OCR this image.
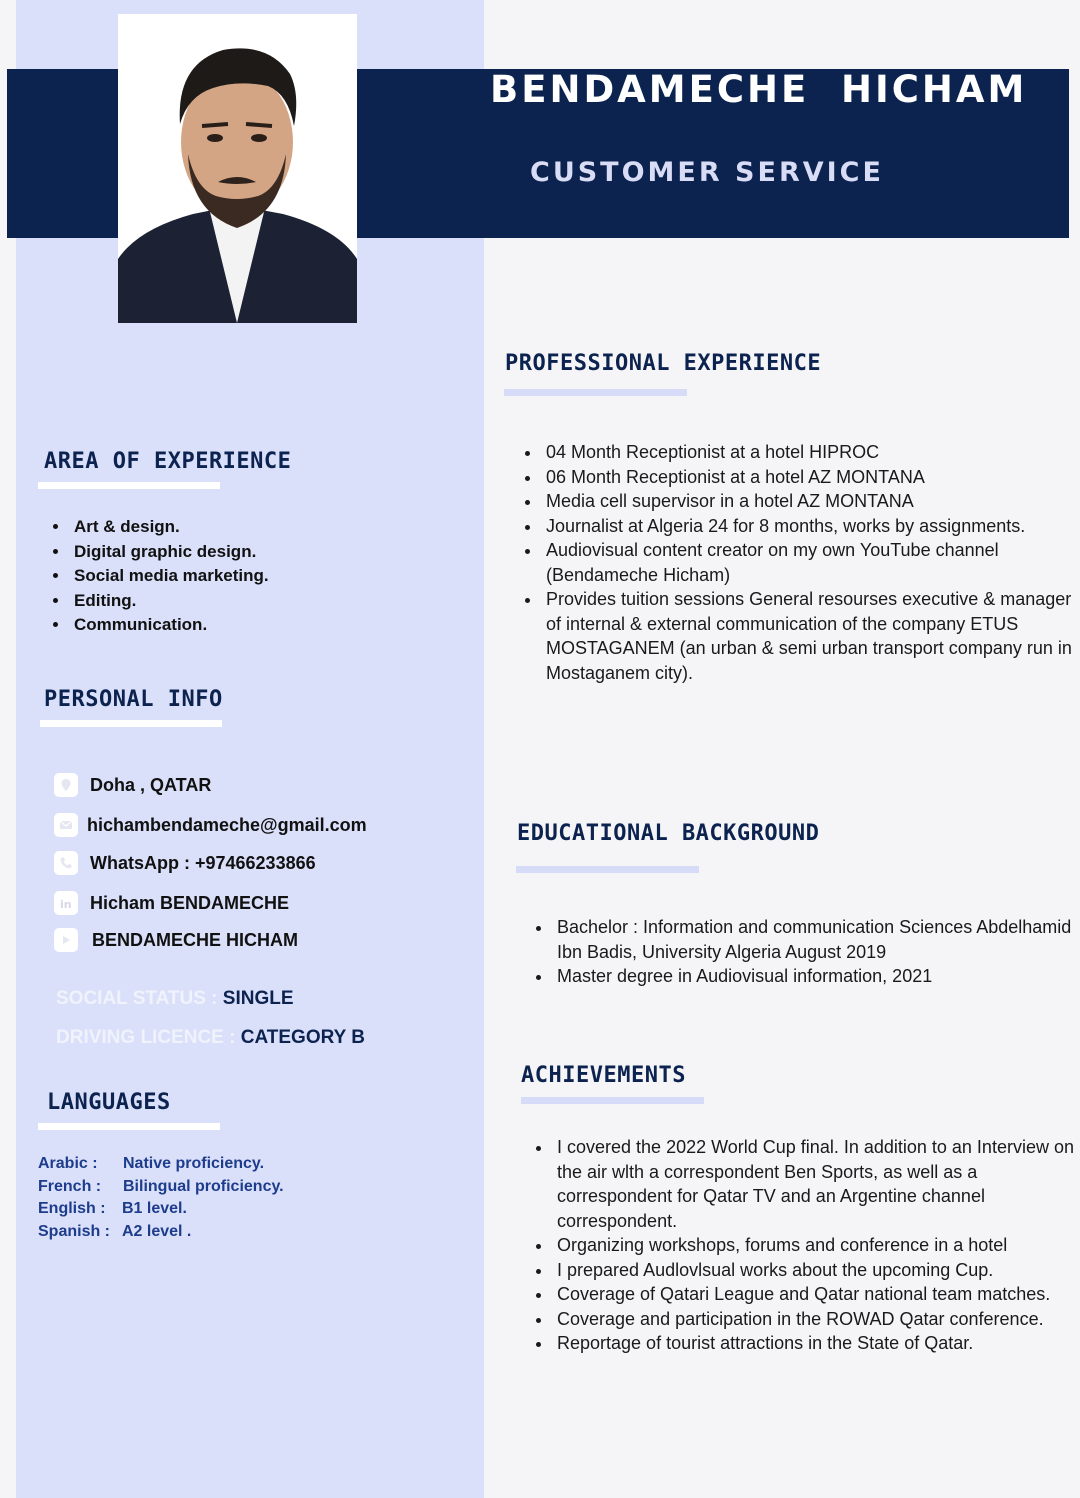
BENDAMECHE  HICHAM
CUSTOMER SERVICE
AREA OF EXPERIENCE
• Art & design.
• Digital graphic design.
• Social media marketing.
• Editing.
• Communication.
PERSONAL INFO
Doha , QATAR
hichambendameche@gmail.com
WhatsApp : +97466233866
in Hicham BENDAMECHE
BENDAMECHE HICHAM
SOCIAL STATUS : SINGLE
DRIVING LICENCE : CATEGORY B
LANGUAGES
Arabic :	Native proficiency.
French :	Bilingual proficiency.
English :	B1 level.
Spanish : A2 level .
PROFESSIONAL EXPERIENCE
• 04 Month Receptionist at a hotel HIPROC
• 06 Month Receptionist at a hotel AZ MONTANA
• Media cell supervisor in a hotel AZ MONTANA
• Journalist at Algeria 24 for 8 months, works by assignments.
• Audiovisual content creator on my own YouTube channel (Bendameche Hicham)
• Provides tuition sessions General resourses executive & manager of internal & external communication of the company ETUS MOSTAGANEM (an urban & semi urban transport company run in Mostaganem city).
EDUCATIONAL BACKGROUND
• Bachelor : Information and communication Sciences Abdelhamid Ibn Badis, University Algeria August 2019
• Master degree in Audiovisual information, 2021
ACHIEVEMENTS
• I covered the 2022 World Cup final. In addition to an Interview on the air wlth a correspondent Ben Sports, as well as a correspondent for Qatar TV and an Argentine channel correspondent.
• Organizing workshops, forums and conference in a hotel
• I prepared Audlovlsual works about the upcoming Cup.
• Coverage of Qatari League and Qatar national team matches.
• Coverage and participation in the ROWAD Qatar conference.
• Reportage of tourist attractions in the State of Qatar.
